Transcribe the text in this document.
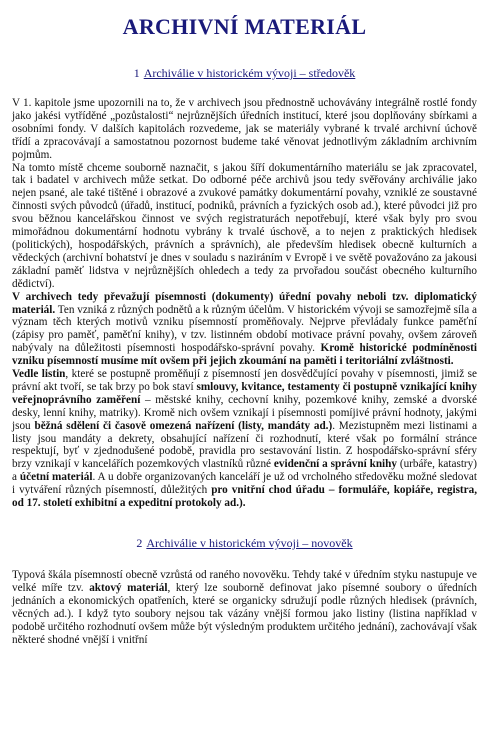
ARCHIVNÍ MATERIÁL
1 Archiválie v historickém vývoji – středověk

V 1. kapitole jsme upozornili na to, že v archivech jsou přednostně uchovávány integrálně rostlé fondy jako jakési vytříděné „pozůstalosti“ nejrůznějších úředních institucí, které jsou doplňovány sbírkami a osobními fondy. V dalších kapitolách rozvedeme, jak se materiály vybrané k trvalé archivní úchově třídí a zpracovávají a samostatnou pozornost budeme také věnovat jednotlivým základním archivním pojmům.

Na tomto místě chceme souborně naznačit, s jakou šíří dokumentárního materiálu se jak zpracovatel, tak i badatel v archivech může setkat. Do odborné péče archivů jsou tedy svěřovány archiválie jako nejen psané, ale také tištěné i obrazové a zvukové památky dokumentární povahy, vzniklé ze soustavné činnosti svých původců (úřadů, institucí, podniků, právních a fyzických osob ad.), které původci již pro svou běžnou kancelářskou činnost ve svých registraturách nepotřebují, které však byly pro svou mimořádnou dokumentární hodnotu vybrány k trvalé úschově, a to nejen z praktických hledisek (politických), hospodářských, právních a správních), ale především hledisek obecně kulturních a vědeckých (archivní bohatství je dnes v souladu s naziráním v Evropě i ve světě považováno za jakousi základní paměť lidstva v nejrůznějších ohledech a tedy za prvořadou součást obecného kulturního dědictví).

V archivech tedy převažují písemnosti (dokumenty) úřední povahy neboli tzv. diplomatický materiál. Ten vzniká z různých podnětů a k různým účelům. V historickém vývoji se samozřejmě síla a význam těch kterých motivů vzniku písemností proměňovaly. Nejprve převládaly funkce paměťní (zápisy pro paměť, paměťní knihy), v tzv. listinném období motivace právní povahy, ovšem zároveň nabývaly na důležitosti písemnosti hospodářsko-správní povahy. Kromě historické podmíněnosti vzniku písemností musíme mít ovšem při jejich zkoumání na paměti i teritoriální zvláštnosti.

Vedle listin, které se postupně proměňují z písemností jen dosvědčující povahy v písemnosti, jimiž se právní akt tvoří, se tak brzy po bok staví smlouvy, kvitance, testamenty či postupně vznikající knihy veřejnoprávního zaměření – městské knihy, cechovní knihy, pozemkové knihy, zemské a dvorské desky, lenní knihy, matriky). Kromě nich ovšem vznikají i písemnosti pomíjivé právní hodnoty, jakými jsou běžná sdělení či časově omezená nařízení (listy, mandáty ad.). Mezistupněm mezi listinami a listy jsou mandáty a dekrety, obsahující nařízení či rozhodnutí, které však po formální stránce respektují, byť v zjednodušené podobě, pravidla pro sestavování listin. Z hospodářsko-správní sféry brzy vznikají v kancelářích pozemkových vlastníků různé evidenční a správní knihy (urbáře, katastry) a účetní materiál. A u dobře organizovaných kanceláří je už od vrcholného středověku možné sledovat i vytváření různých písemností, důležitých pro vnitřní chod úřadu – formuláře, kopiáře, registra, od 17. století exhibitní a expeditní protokoly ad.).

2 Archiválie v historickém vývoji – novověk

Typová škála písemností obecně vzrůstá od raného novověku. Tehdy také v úředním styku nastupuje ve velké míře tzv. aktový materiál, který lze souborně definovat jako písemné soubory o úředních jednáních a ekonomických opatřeních, které se organicky sdružují podle různých hledisek (právních, věcných ad.). I když tyto soubory nejsou tak vázány vnější formou jako listiny (listina například v podobě určitého rozhodnutí ovšem může být výsledným produktem určitého jednání), zachovávají však některé shodné vnější i vnitřní
